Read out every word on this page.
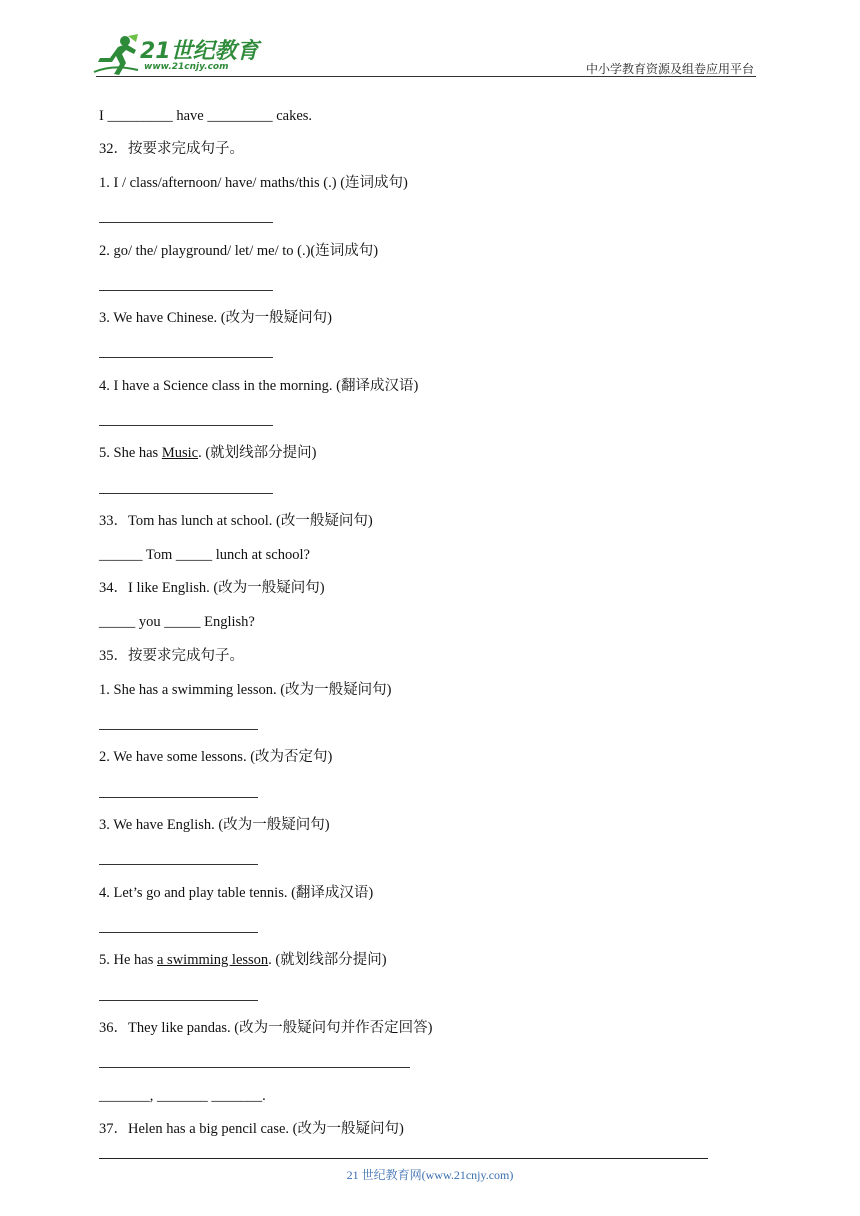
21世纪教育
www.21cnjy.com	中小学教育资源及组卷应用平台
I _________ have _________ cakes.
32．按要求完成句子。
1. I / class/afternoon/ have/ maths/this (.) (连词成句)
2. go/ the/ playground/ let/ me/ to (.)(连词成句)
3. We have Chinese. (改为一般疑问句)
4. I have a Science class in the morning. (翻译成汉语)
5. She has Music. (就划线部分提问)
33．Tom has lunch at school. (改一般疑问句)
______ Tom _____ lunch at school?
34．I like English. (改为一般疑问句)
_____ you _____ English?
35．按要求完成句子。
1. She has a swimming lesson. (改为一般疑问句)
2. We have some lessons. (改为否定句)
3. We have English. (改为一般疑问句)
4. Let’s go and play table tennis. (翻译成汉语)
5. He has a swimming lesson. (就划线部分提问)
36．They like pandas. (改为一般疑问句并作否定回答)
_______, _______ _______.
37．Helen has a big pencil case. (改为一般疑问句)
21 世纪教育网(www.21cnjy.com)
